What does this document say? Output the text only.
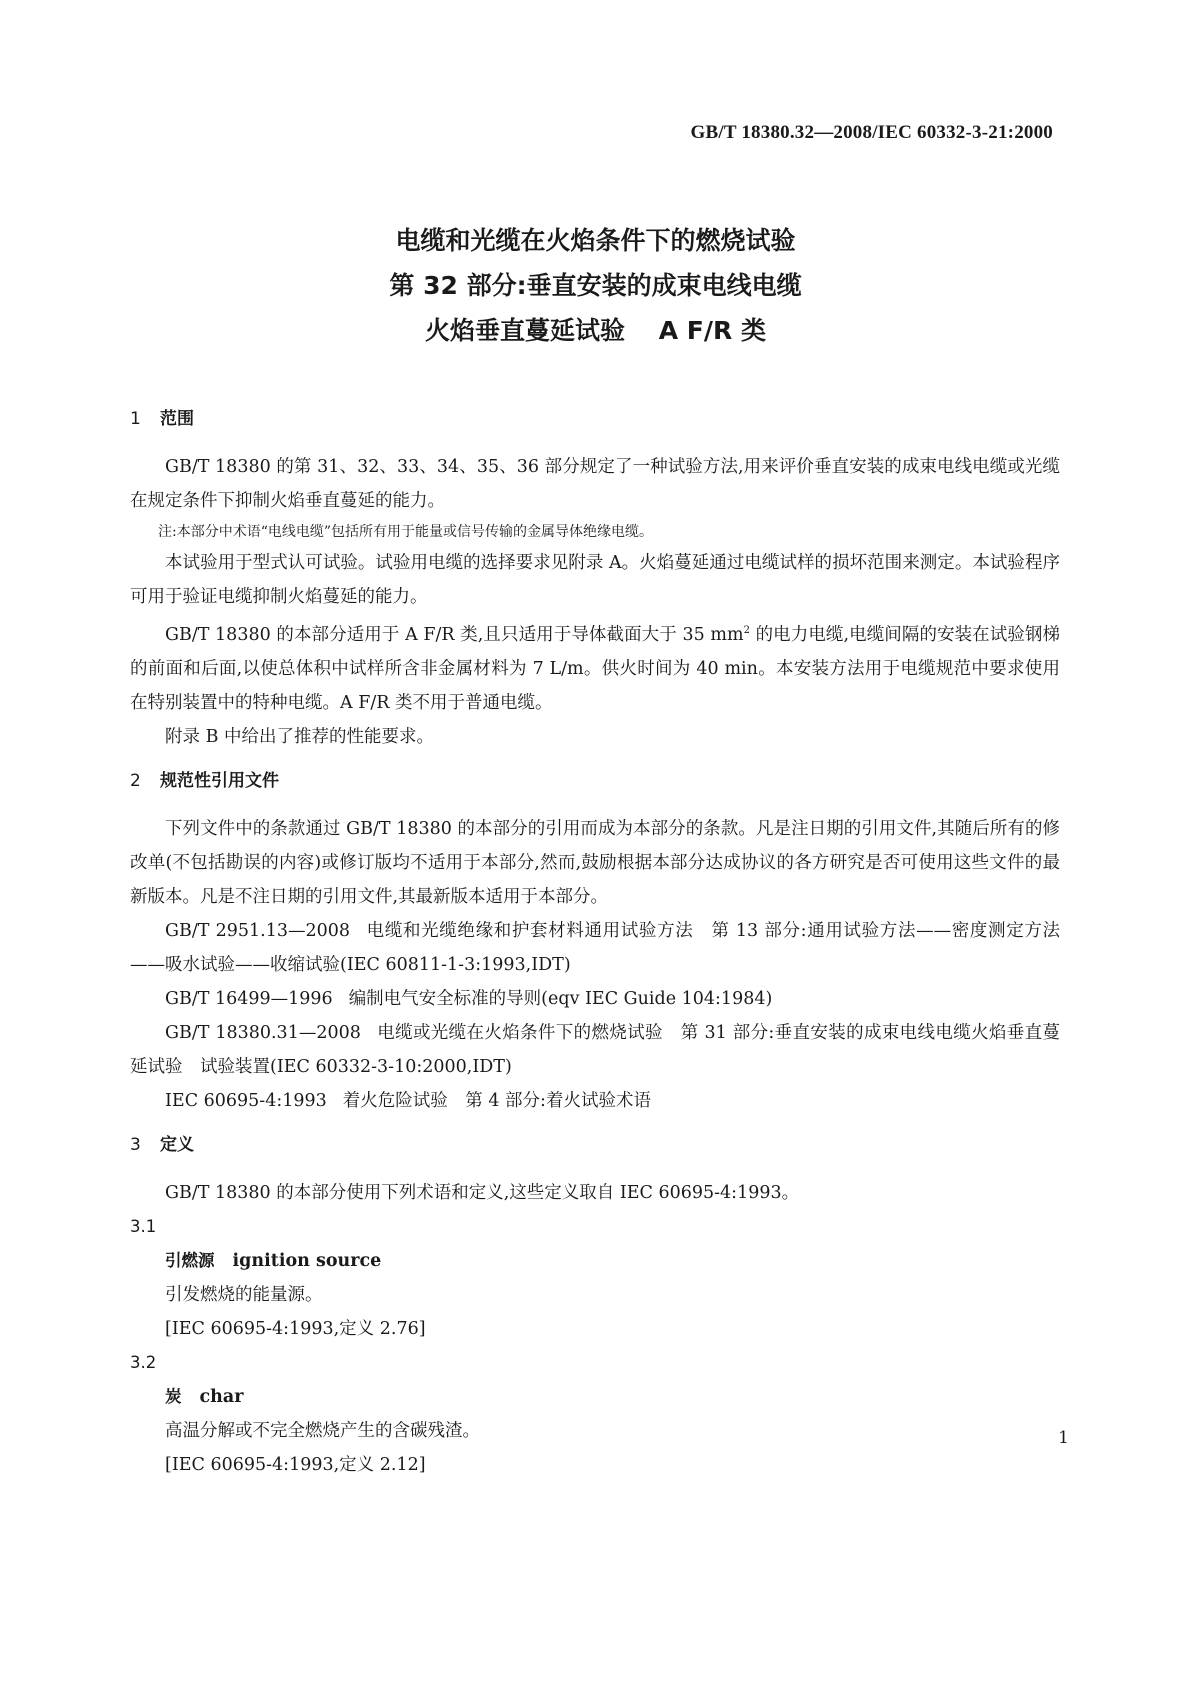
GB/T 18380.32—2008/IEC 60332-3-21:2000
电缆和光缆在火焰条件下的燃烧试验
第 32 部分:垂直安装的成束电线电缆
火焰垂直蔓延试验　 A F/R 类
1 范围

GB/T 18380 的第 31、32、33、34、35、36 部分规定了一种试验方法,用来评价垂直安装的成束电线电缆或光缆在规定条件下抑制火焰垂直蔓延的能力。

注:本部分中术语“电线电缆”包括所有用于能量或信号传输的金属导体绝缘电缆。

本试验用于型式认可试验。试验用电缆的选择要求见附录 A。火焰蔓延通过电缆试样的损坏范围来测定。本试验程序可用于验证电缆抑制火焰蔓延的能力。

GB/T 18380 的本部分适用于 A F/R 类,且只适用于导体截面大于 35 $mm^2$ 的电力电缆,电缆间隔的安装在试验钢梯的前面和后面,以使总体积中试样所含非金属材料为 7 L/m。供火时间为 40 min。本安装方法用于电缆规范中要求使用在特别装置中的特种电缆。A F/R 类不用于普通电缆。

附录 B 中给出了推荐的性能要求。

2 规范性引用文件

下列文件中的条款通过 GB/T 18380 的本部分的引用而成为本部分的条款。凡是注日期的引用文件,其随后所有的修改单(不包括勘误的内容)或修订版均不适用于本部分,然而,鼓励根据本部分达成协议的各方研究是否可使用这些文件的最新版本。凡是不注日期的引用文件,其最新版本适用于本部分。

GB/T 2951.13—2008 电缆和光缆绝缘和护套材料通用试验方法　第 13 部分:通用试验方法——密度测定方法——吸水试验——收缩试验(IEC 60811-1-3:1993,IDT)

GB/T 16499—1996 编制电气安全标准的导则(eqv IEC Guide 104:1984)

GB/T 18380.31—2008 电缆或光缆在火焰条件下的燃烧试验　第 31 部分:垂直安装的成束电线电缆火焰垂直蔓延试验　试验装置(IEC 60332-3-10:2000,IDT)

IEC 60695-4:1993 着火危险试验　第 4 部分:着火试验术语

3 定义

GB/T 18380 的本部分使用下列术语和定义,这些定义取自 IEC 60695-4:1993。

3.1

引燃源 ignition source

引发燃烧的能量源。

[IEC 60695-4:1993,定义 2.76]

3.2

炭 char

高温分解或不完全燃烧产生的含碳残渣。

[IEC 60695-4:1993,定义 2.12]

1
